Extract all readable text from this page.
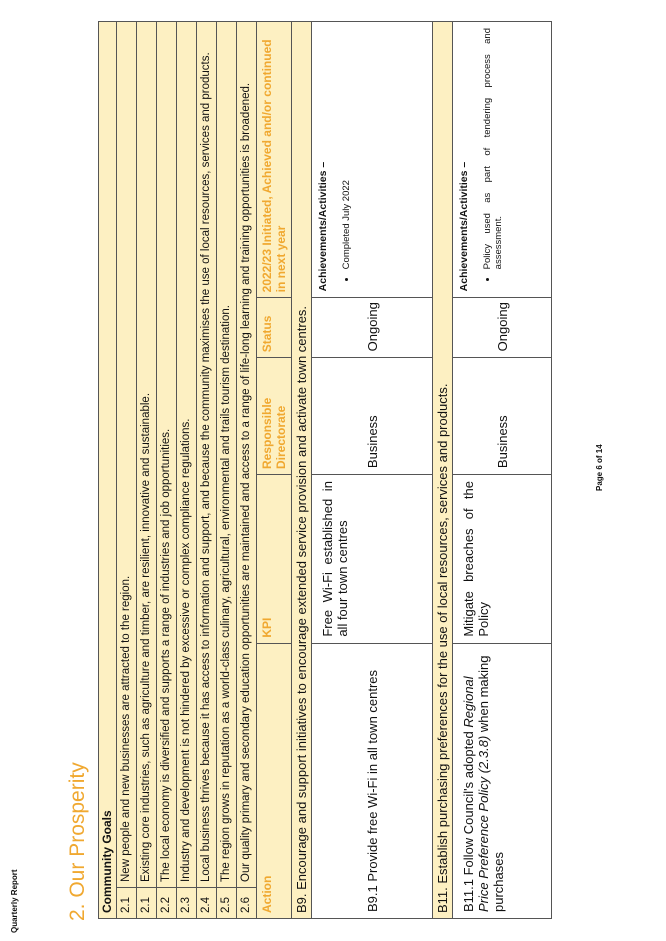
Quarterly Report 2. Our Prosperity Community Goals 2.1
New people and new businesses are attracted to the region.
2.1
Existing core industries, such as agriculture and timber, are resilient, innovative and sustainable.
2.2
The local economy is diversified and supports a range of industries and job opportunities.
2.3
Industry and development is not hindered by excessive or complex compliance regulations.
2.4
Local business thrives because it has access to information and support, and because the community maximises the use of local resources, services and products.
2.5
The region grows in reputation as a world-class culinary, agricultural, environmental and trails tourism destination.
2.6
Our quality primary and secondary education opportunities are maintained and access to a range of life-long learning and training opportunities is broadened.
Action
KPI
Responsible Directorate
Status
2022/23 Initiated, Achieved and/or continued in next year
B9. Encourage and support initiatives to encourage extended service provision and activate town centres.	B9.1 Provide free Wi-Fi in all town centres
Free Wi-Fi established in all four town centres
Business
Ongoing
Achievements/Activities – • Completed July 2022
B11. Establish purchasing preferences for the use of local resources, services and products. B11.1 Follow Council's adopted Regional Price Preference Policy (2.3.8) when making purchases
Mitigate breaches of the Policy
Business
Ongoing
Achievements/Activities – • Policy used as part of tendering process and assessment.
Page 6 of 14
